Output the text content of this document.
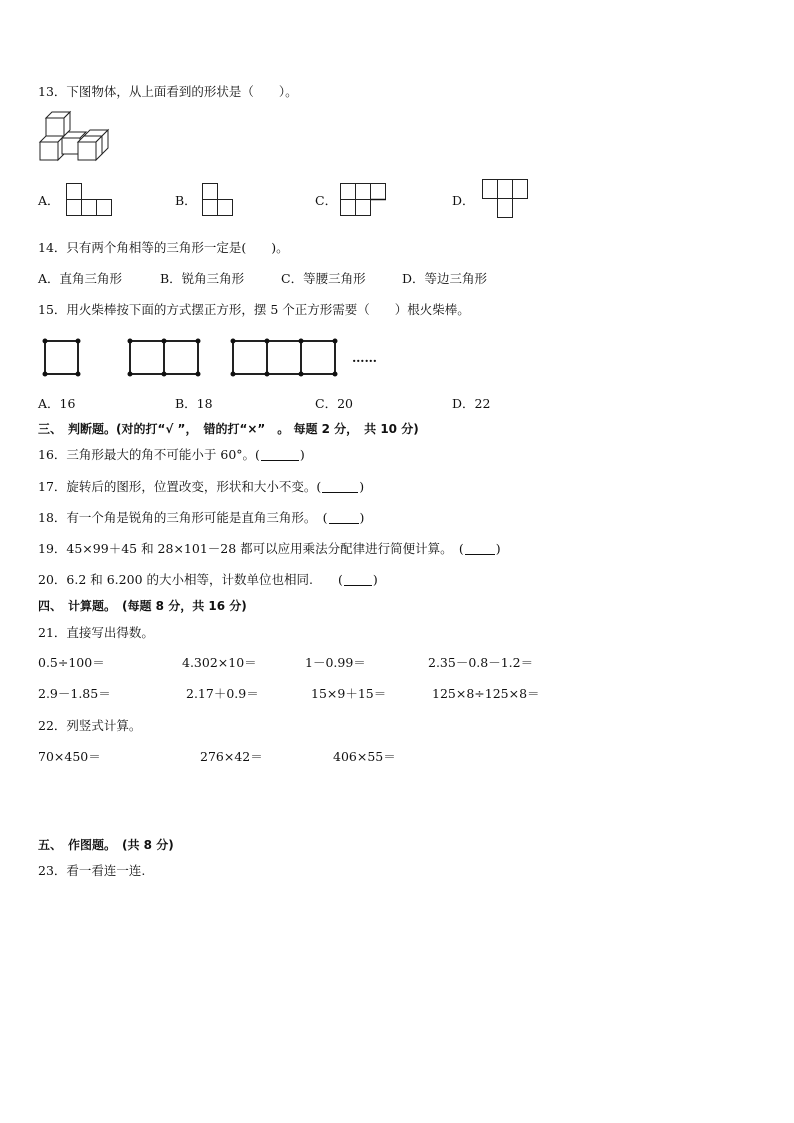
13．下图物体，从上面看到的形状是（　　）。
A．	B．	C．	D．
14．只有两个角相等的三角形一定是(　　)。
A．直角三角形	B．锐角三角形	C．等腰三角形	D．等边三角形
15．用火柴棒按下面的方式摆正方形，摆 5 个正方形需要（　　）根火柴棒。
……
A．16	B．18	C．20	D．22
三、　判断题。(对的打“√ ”，　错的打“×”　。 每题 2 分，　共 10 分)
16．三角形最大的角不可能小于 60°。(	)
17．旋转后的图形，位置改变，形状和大小不变。(	)
18．有一个角是锐角的三角形可能是直角三角形。　(	)
19．45×99＋45 和 28×101－28 都可以应用乘法分配律进行简便计算。　(	)
20．6.2 和 6.200 的大小相等，计数单位也相同.　　( )
四、　计算题。　(每题 8 分，共 16 分)
21．直接写出得数。
0.5÷100＝	4.302×10＝	1－0.99＝	2.35－0.8－1.2＝
2.9－1.85＝	2.17＋0.9＝	15×9＋15＝	125×8÷125×8＝
22．列竖式计算。
70×450＝	276×42＝	406×55＝
五、　作图题。　(共 8 分)
23．看一看连一连.
